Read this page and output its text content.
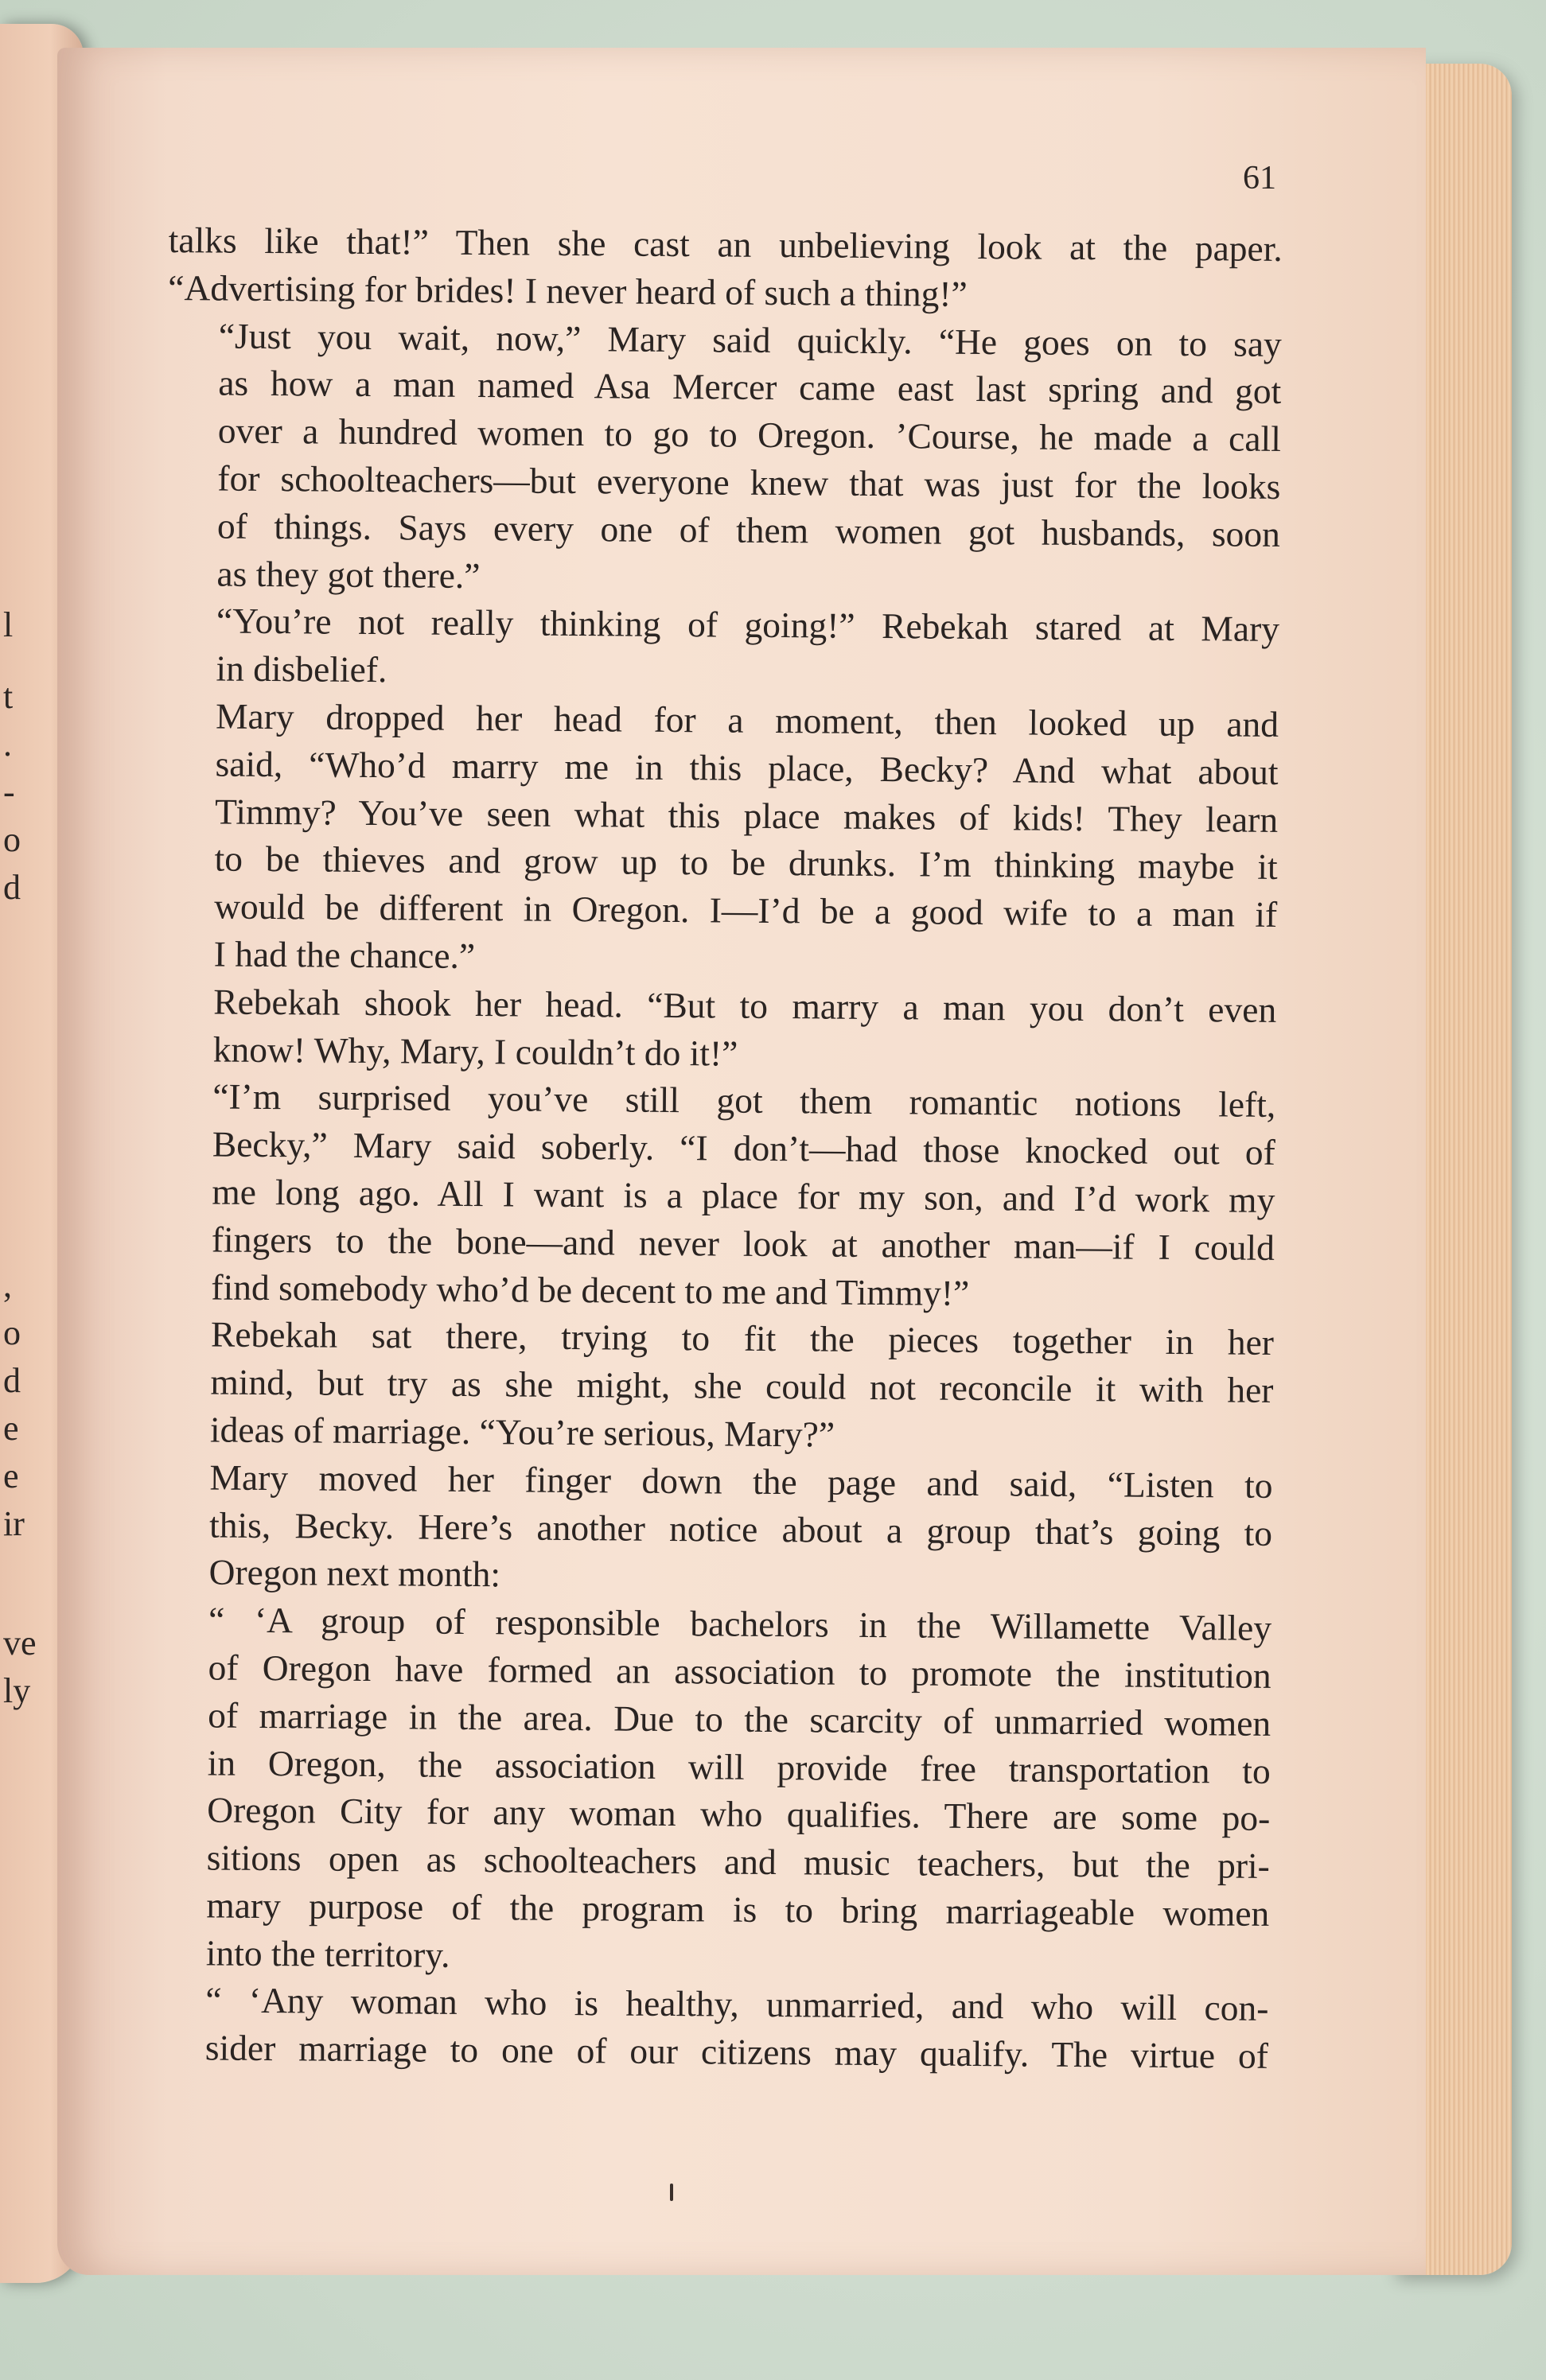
l
t
.
-
o
d
,
o
d
e
e
ir
ve
ly
61

talks like that!” Then she cast an unbelieving look at the paper.
“Advertising for brides! I never heard of such a thing!”

“Just you wait, now,” Mary said quickly. “He goes on to say
as how a man named Asa Mercer came east last spring and got
over a hundred women to go to Oregon. ’Course, he made a call
for schoolteachers—but everyone knew that was just for the looks
of things. Says every one of them women got husbands, soon
as they got there.”

“You’re not really thinking of going!” Rebekah stared at Mary
in disbelief.

Mary dropped her head for a moment, then looked up and
said, “Who’d marry me in this place, Becky? And what about
Timmy? You’ve seen what this place makes of kids! They learn
to be thieves and grow up to be drunks. I’m thinking maybe it
would be different in Oregon. I—I’d be a good wife to a man if
I had the chance.”

Rebekah shook her head. “But to marry a man you don’t even
know! Why, Mary, I couldn’t do it!”

“I’m surprised you’ve still got them romantic notions left,
Becky,” Mary said soberly. “I don’t—had those knocked out of
me long ago. All I want is a place for my son, and I’d work my
fingers to the bone—and never look at another man—if I could
find somebody who’d be decent to me and Timmy!”

Rebekah sat there, trying to fit the pieces together in her
mind, but try as she might, she could not reconcile it with her
ideas of marriage. “You’re serious, Mary?”

Mary moved her finger down the page and said, “Listen to
this, Becky. Here’s another notice about a group that’s going to
Oregon next month:

“ ‘A group of responsible bachelors in the Willamette Valley
of Oregon have formed an association to promote the institution
of marriage in the area. Due to the scarcity of unmarried women
in Oregon, the association will provide free transportation to
Oregon City for any woman who qualifies. There are some po-
sitions open as schoolteachers and music teachers, but the pri-
mary purpose of the program is to bring marriageable women
into the territory.

“ ‘Any woman who is healthy, unmarried, and who will con-
sider marriage to one of our citizens may qualify. The virtue of
